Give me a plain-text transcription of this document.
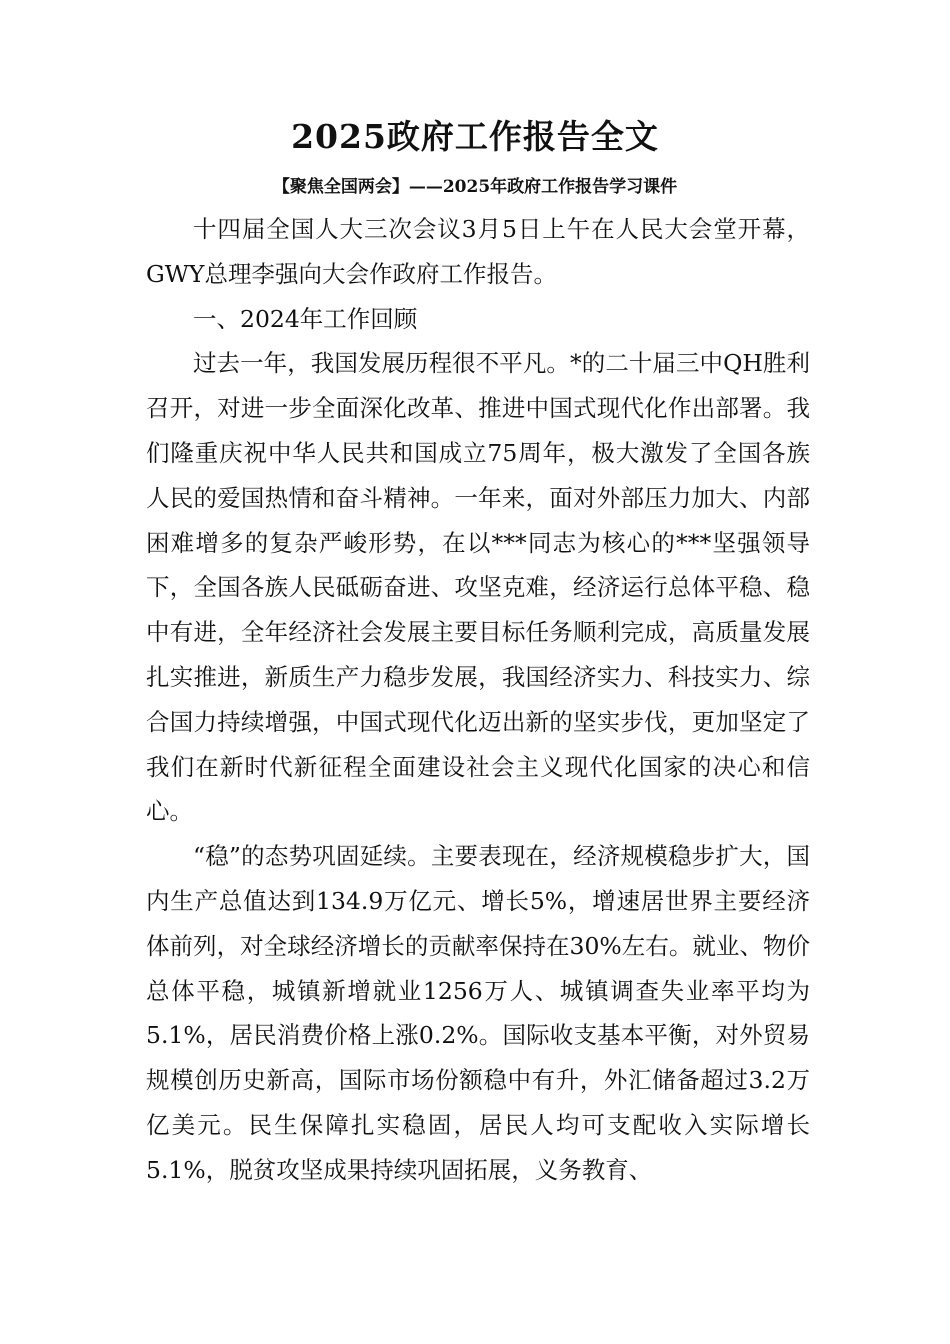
2025政府工作报告全文
【聚焦全国两会】——2025年政府工作报告学习课件

十四届全国人大三次会议3月5日上午在人民大会堂开幕，GWY总理李强向大会作政府工作报告。

一、2024年工作回顾

过去一年，我国发展历程很不平凡。*的二十届三中QH胜利召开，对进一步全面深化改革、推进中国式现代化作出部署。我们隆重庆祝中华人民共和国成立75周年，极大激发了全国各族人民的爱国热情和奋斗精神。一年来，面对外部压力加大、内部困难增多的复杂严峻形势，在以***同志为核心的***坚强领导下，全国各族人民砥砺奋进、攻坚克难，经济运行总体平稳、稳中有进，全年经济社会发展主要目标任务顺利完成，高质量发展扎实推进，新质生产力稳步发展，我国经济实力、科技实力、综合国力持续增强，中国式现代化迈出新的坚实步伐，更加坚定了我们在新时代新征程全面建设社会主义现代化国家的决心和信心。

“稳”的态势巩固延续。主要表现在，经济规模稳步扩大，国内生产总值达到134.9万亿元、增长5%，增速居世界主要经济体前列，对全球经济增长的贡献率保持在30%左右。就业、物价总体平稳，城镇新增就业1256万人、城镇调查失业率平均为5.1%，居民消费价格上涨0.2%。国际收支基本平衡，对外贸易规模创历史新高，国际市场份额稳中有升，外汇储备超过3.2万亿美元。民生保障扎实稳固，居民人均可支配收入实际增长5.1%，脱贫攻坚成果持续巩固拓展，义务教育、
